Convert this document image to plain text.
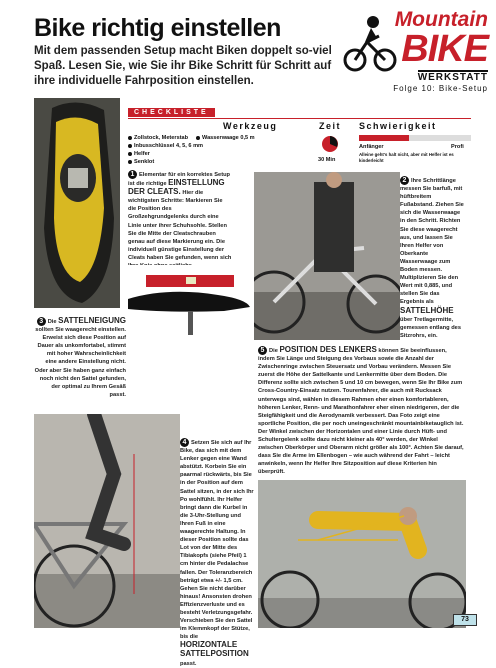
Bike richtig einstellen
Mit dem passenden Setup macht Biken doppelt so-viel Spaß. Lesen Sie, wie Sie ihr Bike Schritt für Schritt auf ihre individuelle Fahrposition einstellen.
Mountain
BIKE
WERKSTATT
Folge 10: Bike-Setup
CHECKLISTE
Werkzeug	Zeit Schwierigkeit
Zollstock, Meterstab	Wasserwaage 0,5 m
Inbusschlüssel 4, 5, 6 mm
Helfer
Senklot	30 Min
Anfänger	Profi
Alleine geht's halt nicht, aber mit Helfer ist es kinderleicht
1 Elementar für ein korrektes Setup ist die richtige EINSTELLUNG DER CLEATS. Hier die wichtigsten Schritte: Markieren Sie die Position des Großzehgrundgelenks durch eine Linie unter ihrer Schuhsohle. Stellen Sie die Mitte der Cleatschrauben genau auf diese Markierung ein. Die individuell günstige Einstellung der Cleats haben Sie gefunden, wenn sich
2 Ihre Schrittlänge messen Sie barfuß, mit hüftbreitem Fußabstand. Ziehen Sie sich die Wasserwaage in den Schritt. Richten Sie diese waagerecht aus, und lassen Sie Ihren Helfer von Oberkante Wasserwaage zum Boden messen. Multiplizieren Sie den Wert mit 0,885, und stellen Sie das Ergebnis als SATTELHÖHE über Tretlagermitte, gemessen entlang des Sitzrohrs, ein.
3 Die SATTELNEIGUNG sollten Sie waagerecht einstellen. Erweist sich diese Position auf Dauer als unkomfortabel, stimmt mit hoher Wahrscheinlichkeit eine andere Einstellung nicht. Oder aber Sie haben ganz einfach noch nicht den Sattel gefunden, der optimal zu Ihrem Gesäß passt.
4 Setzen Sie sich auf Ihr Bike, das sich mit dem Lenker gegen eine Wand abstützt. Korbein Sie ein paarmal rückwärts, bis Sie in der Position auf dem Sattel sitzen, in der sich Ihr Po wohlfühlt. Ihr Helfer bringt dann die Kurbel in die 3-Uhr-Stellung und Ihren Fuß in eine waagerechte Haltung. In dieser Position sollte das Lot von der Mitte des Tibiakopfs (siehe Pfeil) 1 cm hinter die Pedalachse fallen. Der Toleranzbereich beträgt etwa +/- 1,5 cm. Gehen Sie nicht darüber hinaus! Ansonsten drohen Effizienzverluste und es besteht Verletzungsgefahr. Verschieben Sie den Sattel im Klemmkopf der Stütze, bis die HORIZONTALE SATTELPOSITION passt.
5 Die POSITION DES LENKERS können Sie beeinflussen, indem Sie Länge und Steigung des Vorbaus sowie die Anzahl der Zwischenringe zwischen Steuersatz und Vorbau verändern. Messen Sie zuerst die Höhe der Sattelkante und Lenkermitte über dem Boden. Die Differenz sollte sich zwischen 5 und 10 cm bewegen, wenn Sie Ihr Bike zum Cross-Country-Einsatz nutzen. Tourenfahrer, die auch mit Rucksack unterwegs sind, wählen in diesem Rahmen eher einen komfortableren, höheren Lenker, Renn- und Marathonfahrer eher einen niedrigeren, der die Steigfähigkeit und die Aerodynamik verbessert. Das Foto zeigt eine sportliche Position, die per noch uneingeschränkt mountainbiketauglich ist. Der Winkel zwischen der Horizontalen und einer Linie durch Hüft- und Schultergelenk sollte dazu nicht kleiner als 40° werden, der Winkel zwischen Oberkörper und Oberarm nicht größer als 100°. Achten Sie darauf, dass Sie die Arme im Ellenbogen – wie auch während der Fahrt – leicht anwinkeln, wenn Ihr Helfer Ihre Sitzposition auf diese Kriterien hin überprüft.
73
